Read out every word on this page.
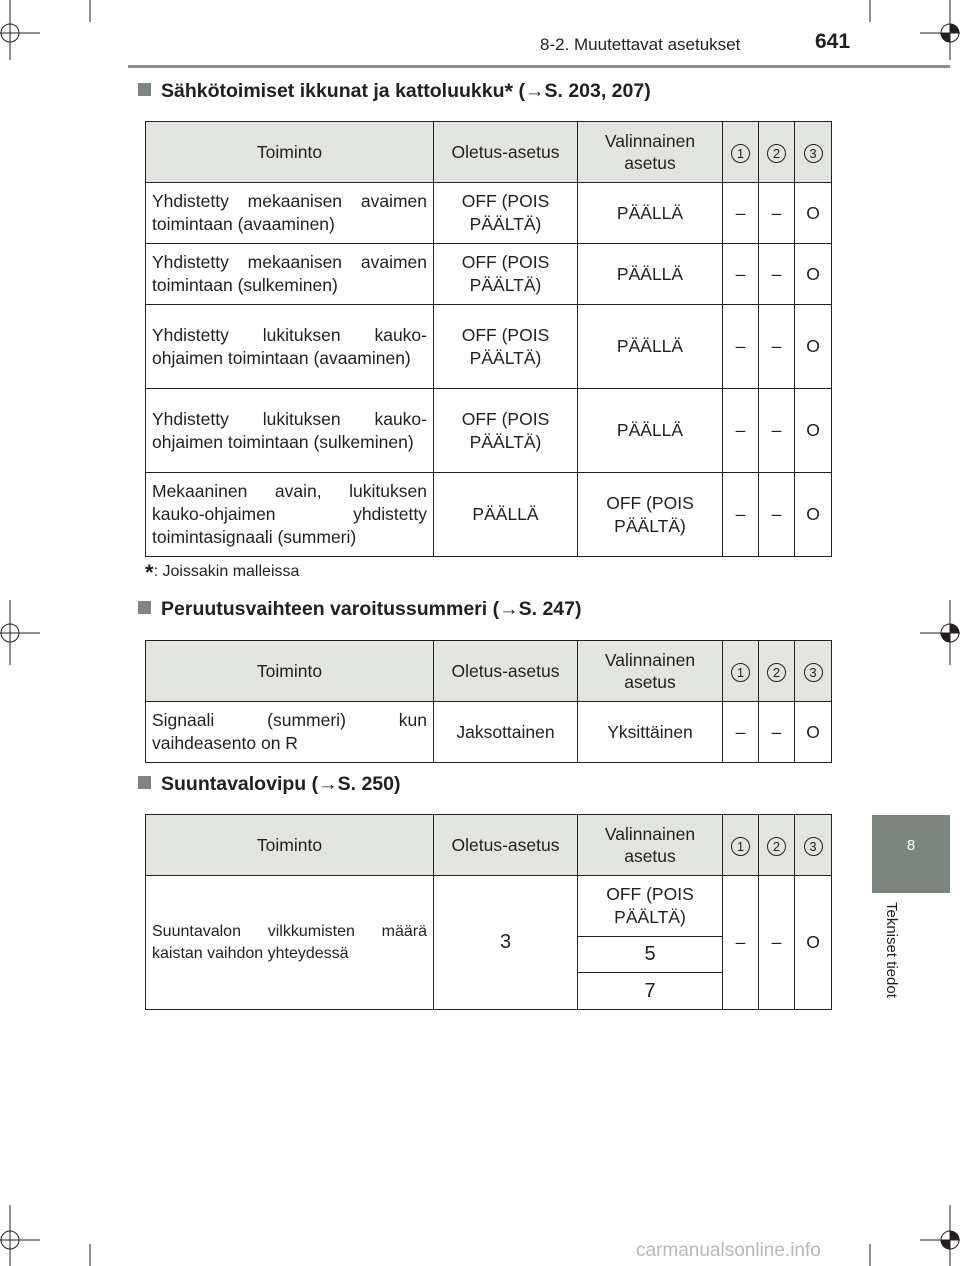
8-2. Muutettavat asetukset	641
8
Tekniset tiedot
Sähkötoimiset ikkunat ja kattoluukku* (→S. 203, 207)
Toiminto	Oletus-asetus	Valinnainen asetus	1	2	3
Yhdistetty mekaanisen avaimen toimintaan (avaaminen)	OFF (POIS PÄÄLTÄ)	PÄÄLLÄ	–	–	O
Yhdistetty mekaanisen avaimen toimintaan (sulkeminen)	OFF (POIS PÄÄLTÄ)	PÄÄLLÄ	–	–	O
Yhdistetty lukituksen kauko-ohjaimen toimintaan (avaaminen)	OFF (POIS PÄÄLTÄ)	PÄÄLLÄ	–	–	O
Yhdistetty lukituksen kauko-ohjaimen toimintaan (sulkeminen)	OFF (POIS PÄÄLTÄ)	PÄÄLLÄ	–	–	O
Mekaaninen avain, lukituksen kauko-ohjaimen yhdistetty toimintasignaali (summeri)	PÄÄLLÄ	OFF (POIS PÄÄLTÄ)	–	–	O
*: Joissakin malleissa
Peruutusvaihteen varoitussummeri (→S. 247)
Toiminto	Oletus-asetus	Valinnainen asetus	1	2	3
Signaali (summeri) kun vaihdeasento on R	Jaksottainen	Yksittäinen	–	–	O
Suuntavalovipu (→S. 250)
Toiminto	Oletus-asetus	Valinnainen asetus	1	2	3
Suuntavalon vilkkumisten määrä kaistan vaihdon yhteydessä	3	OFF (POIS PÄÄLTÄ)	–	–	O
		5			
		7			
carmanualsonline.info
